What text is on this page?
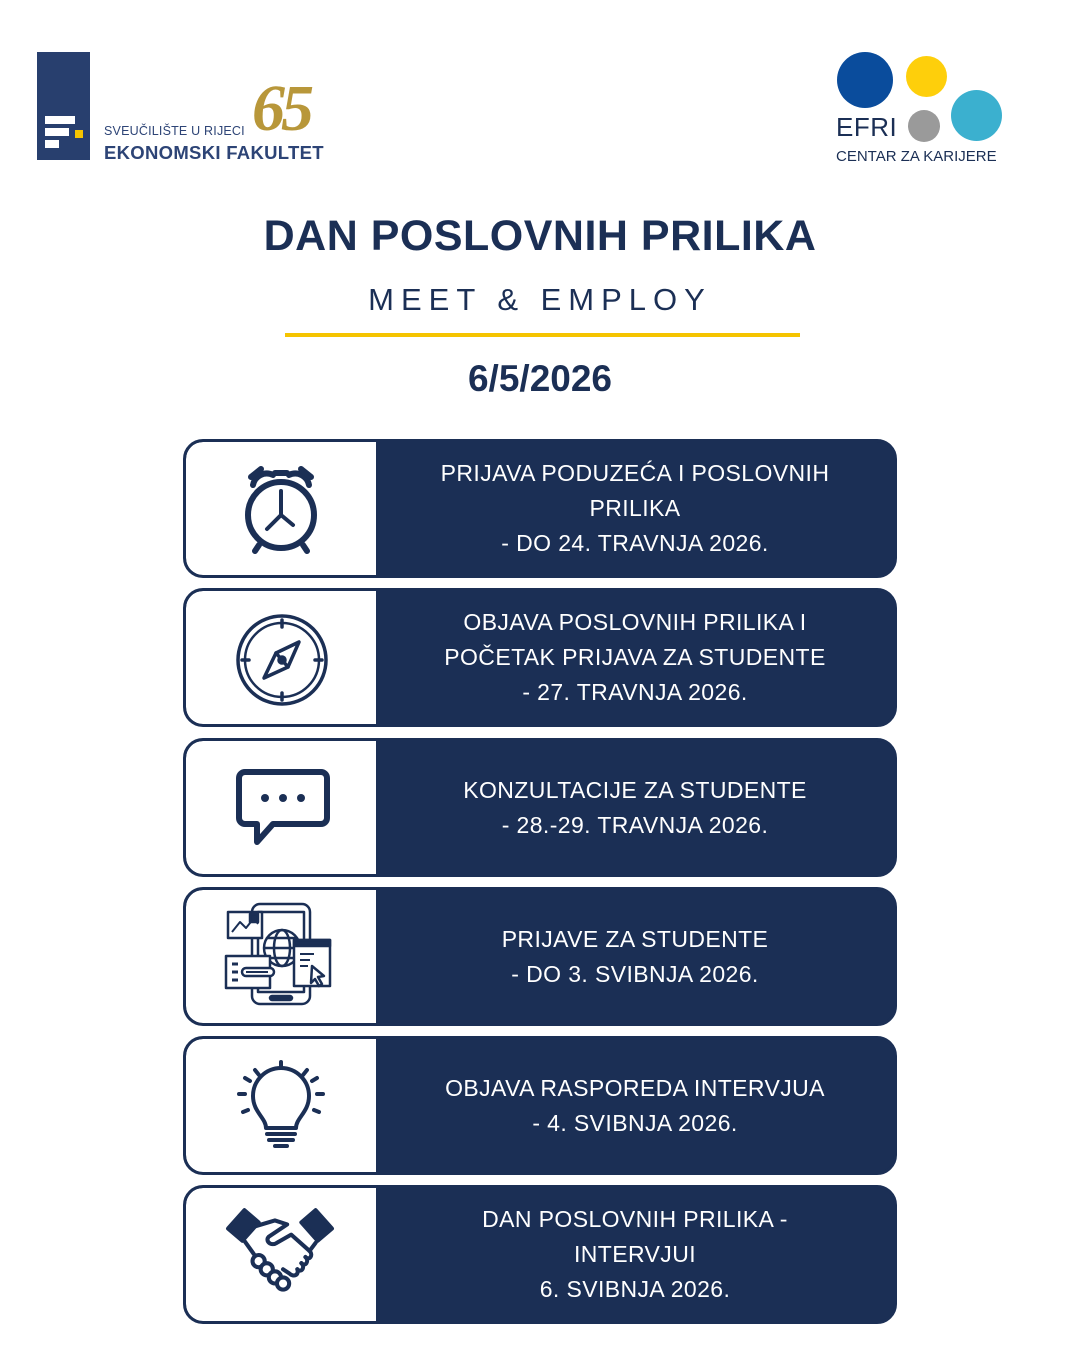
SVEUČILIŠTE U RIJECI
EKONOMSKI FAKULTET
65	EFRI
CENTAR ZA KARIJERE
DAN POSLOVNIH PRILIKA
MEET & EMPLOY
6/5/2026
PRIJAVA PODUZEĆA I POSLOVNIH
PRILIKA
- DO 24. TRAVNJA 2026.
OBJAVA POSLOVNIH PRILIKA I
POČETAK PRIJAVA ZA STUDENTE
- 27. TRAVNJA 2026.
KONZULTACIJE ZA STUDENTE
- 28.-29. TRAVNJA 2026.
PRIJAVE ZA STUDENTE
- DO 3. SVIBNJA 2026.
OBJAVA RASPOREDA INTERVJUA
- 4. SVIBNJA 2026.
DAN POSLOVNIH PRILIKA -
INTERVJUI
6. SVIBNJA 2026.
